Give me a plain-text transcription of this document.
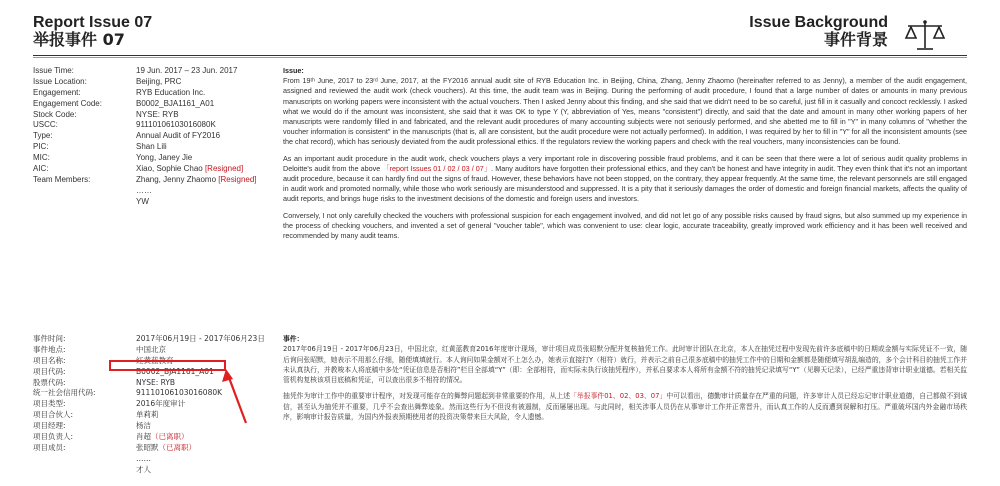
Report Issue 07
举报事件 07
Issue Background
事件背景
Issue Time:
Issue Location:
Engagement:
Engagement Code:
Stock Code:
USCC:
Type:
PIC:
MIC:
AIC:
Team Members:
19 Jun. 2017 – 23 Jun. 2017
Beijing, PRC
RYB Education Inc.
B0002_BJA1161_A01
NYSE: RYB
91110106103016080K
Annual Audit of FY2016
Shan Lili
Yong, Janey Jie
Xiao, Sophie Chao [Resigned]
Zhang, Jenny Zhaomo [Resigned]
……
YW
Issue:

From 19ᵗʰ June, 2017 to 23ʳᵈ June, 2017, at the FY2016 annual audit site of RYB Education Inc. in Beijing, China, Zhang, Jenny Zhaomo (hereinafter referred to as Jenny), a member of the audit engagement, assigned and reviewed the audit work (check vouchers). At this time, the audit team was in Beijing. During the performing of audit procedure, I found that a large number of dates or amounts in many previous manuscripts on working papers were inconsistent with the actual vouchers. Then I asked Jenny about this finding, and she said that we didn't need to be so careful, just fill in it casually and concoct recklessly. I asked what we would do if the amount was inconsistent, she said that it was OK to type Y (Y, abbreviation of Yes, means "consistent") directly, and said that the date and amount in many other working papers of her manuscripts were randomly filled in and fabricated, and the relevant audit procedures of many accounting subjects were not seriously performed, and she abetted me to fill in "Y" in many columns of "whether the voucher information is consistent" in the manuscripts (that is, all are consistent, but the audit procedure were not actually performed). In addition, I was required by her to fill in "Y" for all the inconsistent amounts (see the chat record), which has seriously deviated from the audit professional ethics. If the regulators review the working papers and check with the real vouchers, many inconsistencies can be found.

As an important audit procedure in the audit work, check vouchers plays a very important role in discovering possible fraud problems, and it can be seen that there were a lot of serious audit quality problems in Deloitte's audit from the above 「report Issues 01 / 02 / 03 / 07」. Many auditors have forgotten their professional ethics, and they can't be honest and have integrity in audit. They even think that it's not an important audit procedure, because it can hardly find out the signs of fraud. However, these behaviors have not been stopped, on the contrary, they appear frequently. At the same time, the relevant personnels are still engaged in audit work and promoted normally, while those who work seriously are misunderstood and suppressed. It is a pity that it seriously damages the order of domestic and foreign financial markets, affects the quality of audit reports, and brings huge risks to the investment decisions of the domestic and foreign users and investors.

Conversely, I not only carefully checked the vouchers with professional suspicion for each engagement involved, and did not let go of any possible risks caused by fraud signs, but also summed up my experience in the process of checking vouchers, and invented a set of general "voucher table", which was convenient to use: clear logic, accurate traceability, greatly improved work efficiency and it has been well received and recommended by many audit teams.

事件时间:
事件地点:
项目名称:
项目代码:
股票代码:
统一社会信用代码:
项目类型:
项目合伙人:
项目经理:
项目负责人:
项目成员:
2017年06月19日 - 2017年06月23日
中国北京
红黄蓝教育
B0002_BJA1161_A01
NYSE: RYB
91110106103016080K
2016年度审计
单莉莉
杨洁
肖超（已离职）
张昭默（已离职）
……
才人
事件：

2017年06月19日 - 2017年06月23日，中国北京，红黄蓝教育2016年度审计现场，审计项目成员张昭默分配并复核抽凭工作。此时审计团队在北京，本人在抽凭过程中发现先前许多底稿中的日期或金额与实际凭证不一致，随后询问张昭默，她表示不用那么仔细，随便填填就行。本人询问如果金额对不上怎么办，她表示直接打Y（相符）就行，并表示之前自己很多底稿中的抽凭工作中的日期和金额都是随便填写胡乱编造的，多个会计科目的抽凭工作并未认真执行，并教唆本人将底稿中多处“凭证信息是否相符”栏目全部填“Y”（即：全部相符，而实际未执行该抽凭程序），并私自要求本人将所有金额不符的抽凭记录填写“Y”（见聊天记录），已经严重违背审计职业道德。若相关监管机构复核该项目底稿和凭证，可以查出很多不相符的情况。

抽凭作为审计工作中的重要审计程序，对发现可能存在的舞弊问题起到非常重要的作用，从上述「举报事件01、02、03、07」中可以看出，德勤审计质量存在严重的问题，许多审计人员已经忘记审计职业道德，自己都做不到诚信，甚至认为抽凭并不重要，几乎不会查出舞弊迹象。然而这些行为不但没有被遏制，反而屡屡出现。与此同时，相关涉事人员仍在从事审计工作并正常晋升，而认真工作的人反而遭到误解和打压。严重破坏国内外金融市场秩序，影响审计报告质量，为国内外报表预期使用者的投资决策带来巨大风险，令人遗憾。
